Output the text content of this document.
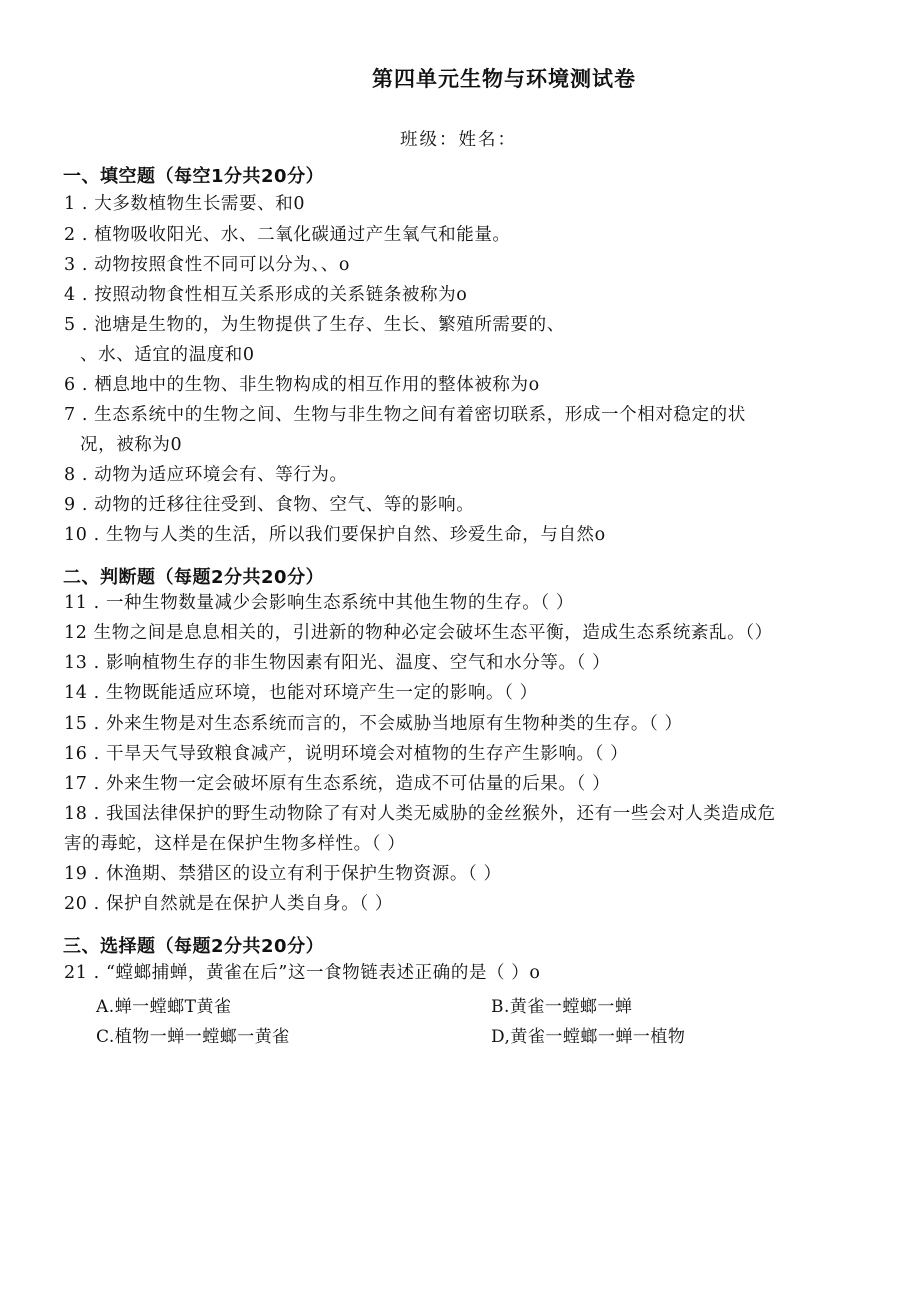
第四单元生物与环境测试卷
班级：姓名：
一、填空题（每空1分共20分）
1 . 大多数植物生长需要、和0
2 . 植物吸收阳光、水、二氧化碳通过产生氧气和能量。
3 . 动物按照食性不同可以分为、、o
4 . 按照动物食性相互关系形成的关系链条被称为o
5 . 池塘是生物的，为生物提供了生存、生长、繁殖所需要的、
、水、适宜的温度和0
6 . 栖息地中的生物、非生物构成的相互作用的整体被称为o
7 . 生态系统中的生物之间、生物与非生物之间有着密切联系，形成一个相对稳定的状
况，被称为0
8 . 动物为适应环境会有、等行为。
9 . 动物的迁移往往受到、食物、空气、等的影响。
10 . 生物与人类的生活，所以我们要保护自然、珍爱生命，与自然o
二、判断题（每题2分共20分）
11 . 一种生物数量减少会影响生态系统中其他生物的生存。（ ）
12 生物之间是息息相关的，引进新的物种必定会破坏生态平衡，造成生态系统紊乱。（）
13 . 影响植物生存的非生物因素有阳光、温度、空气和水分等。（ ）
14 . 生物既能适应环境，也能对环境产生一定的影响。（ ）
15 . 外来生物是对生态系统而言的，不会威胁当地原有生物种类的生存。（ ）
16 . 干旱天气导致粮食减产，说明环境会对植物的生存产生影响。（ ）
17 . 外来生物一定会破坏原有生态系统，造成不可估量的后果。（ ）
18 . 我国法律保护的野生动物除了有对人类无威胁的金丝猴外，还有一些会对人类造成危
害的毒蛇，这样是在保护生物多样性。（ ）
19 . 休渔期、禁猎区的设立有利于保护生物资源。（ ）
20 . 保护自然就是在保护人类自身。（ ）
三、选择题（每题2分共20分）
21 . “螳螂捕蝉，黄雀在后”这一食物链表述正确的是（ ）o
A.蝉一螳螂T黄雀	B.黄雀一螳螂一蝉
C.植物一蝉一螳螂一黄雀	D,黄雀一螳螂一蝉一植物
